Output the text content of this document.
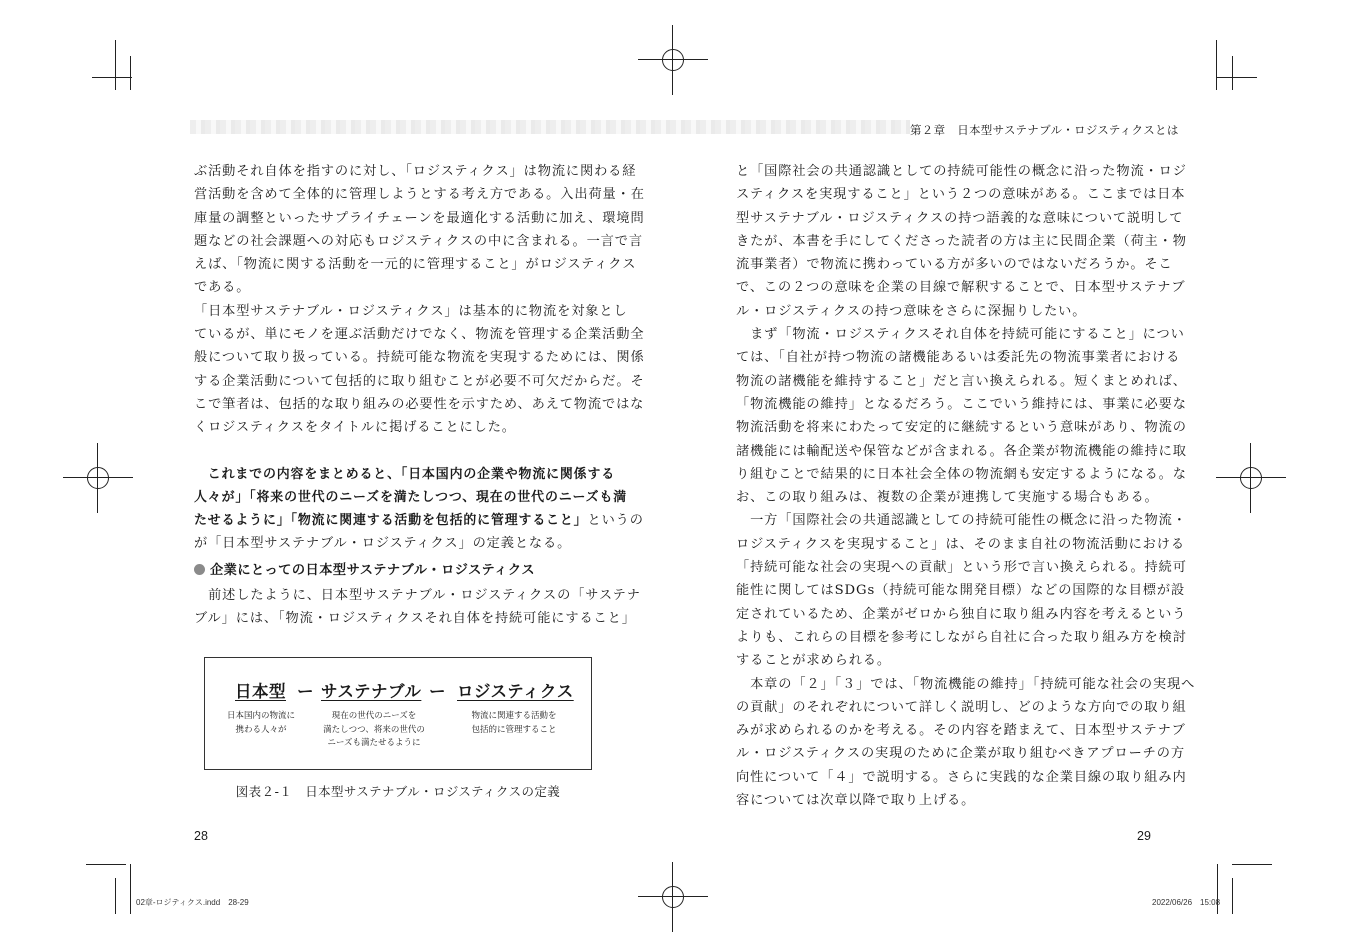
第２章　日本型サステナブル・ロジスティクスとは
ぶ活動それ自体を指すのに対し、「ロジスティクス」は物流に関わる経
営活動を含めて全体的に管理しようとする考え方である。入出荷量・在
庫量の調整といったサプライチェーンを最適化する活動に加え、環境問
題などの社会課題への対応もロジスティクスの中に含まれる。一言で言
えば、「物流に関する活動を一元的に管理すること」がロジスティクス
である。
「日本型サステナブル・ロジスティクス」は基本的に物流を対象とし
ているが、単にモノを運ぶ活動だけでなく、物流を管理する企業活動全
般について取り扱っている。持続可能な物流を実現するためには、関係
する企業活動について包括的に取り組むことが必要不可欠だからだ。そ
こで筆者は、包括的な取り組みの必要性を示すため、あえて物流ではな
くロジスティクスをタイトルに掲げることにした。
　これまでの内容をまとめると、「日本国内の企業や物流に関係する
人々が」「将来の世代のニーズを満たしつつ、現在の世代のニーズも満
たせるように」「物流に関連する活動を包括的に管理すること」というの
が「日本型サステナブル・ロジスティクス」の定義となる。
企業にとっての日本型サステナブル・ロジスティクス
　前述したように、日本型サステナブル・ロジスティクスの「サステナ
ブル」には、「物流・ロジスティクスそれ自体を持続可能にすること」
日本型 ー サステナブル ー ロジスティクス
日本国内の物流に
携わる人々が
現在の世代のニーズを
満たしつつ、将来の世代の
ニーズも満たせるように
物流に関連する活動を
包括的に管理すること
図表２-１　日本型サステナブル・ロジスティクスの定義
28
と「国際社会の共通認識としての持続可能性の概念に沿った物流・ロジ
スティクスを実現すること」という２つの意味がある。ここまでは日本
型サステナブル・ロジスティクスの持つ語義的な意味について説明して
きたが、本書を手にしてくださった読者の方は主に民間企業（荷主・物
流事業者）で物流に携わっている方が多いのではないだろうか。そこ
で、この２つの意味を企業の目線で解釈することで、日本型サステナブ
ル・ロジスティクスの持つ意味をさらに深掘りしたい。
　まず「物流・ロジスティクスそれ自体を持続可能にすること」につい
ては、「自社が持つ物流の諸機能あるいは委託先の物流事業者における
物流の諸機能を維持すること」だと言い換えられる。短くまとめれば、
「物流機能の維持」となるだろう。ここでいう維持には、事業に必要な
物流活動を将来にわたって安定的に継続するという意味があり、物流の
諸機能には輸配送や保管などが含まれる。各企業が物流機能の維持に取
り組むことで結果的に日本社会全体の物流網も安定するようになる。な
お、この取り組みは、複数の企業が連携して実施する場合もある。
　一方「国際社会の共通認識としての持続可能性の概念に沿った物流・
ロジスティクスを実現すること」は、そのまま自社の物流活動における
「持続可能な社会の実現への貢献」という形で言い換えられる。持続可
能性に関してはSDGs（持続可能な開発目標）などの国際的な目標が設
定されているため、企業がゼロから独自に取り組み内容を考えるという
よりも、これらの目標を参考にしながら自社に合った取り組み方を検討
することが求められる。
　本章の「２」「３」では、「物流機能の維持」「持続可能な社会の実現へ
の貢献」のそれぞれについて詳しく説明し、どのような方向での取り組
みが求められるのかを考える。その内容を踏まえて、日本型サステナブ
ル・ロジスティクスの実現のために企業が取り組むべきアプローチの方
向性について「４」で説明する。さらに実践的な企業目線の取り組み内
容については次章以降で取り上げる。
29
02章-ロジティクス.indd　28-29	2022/06/26　15:08
